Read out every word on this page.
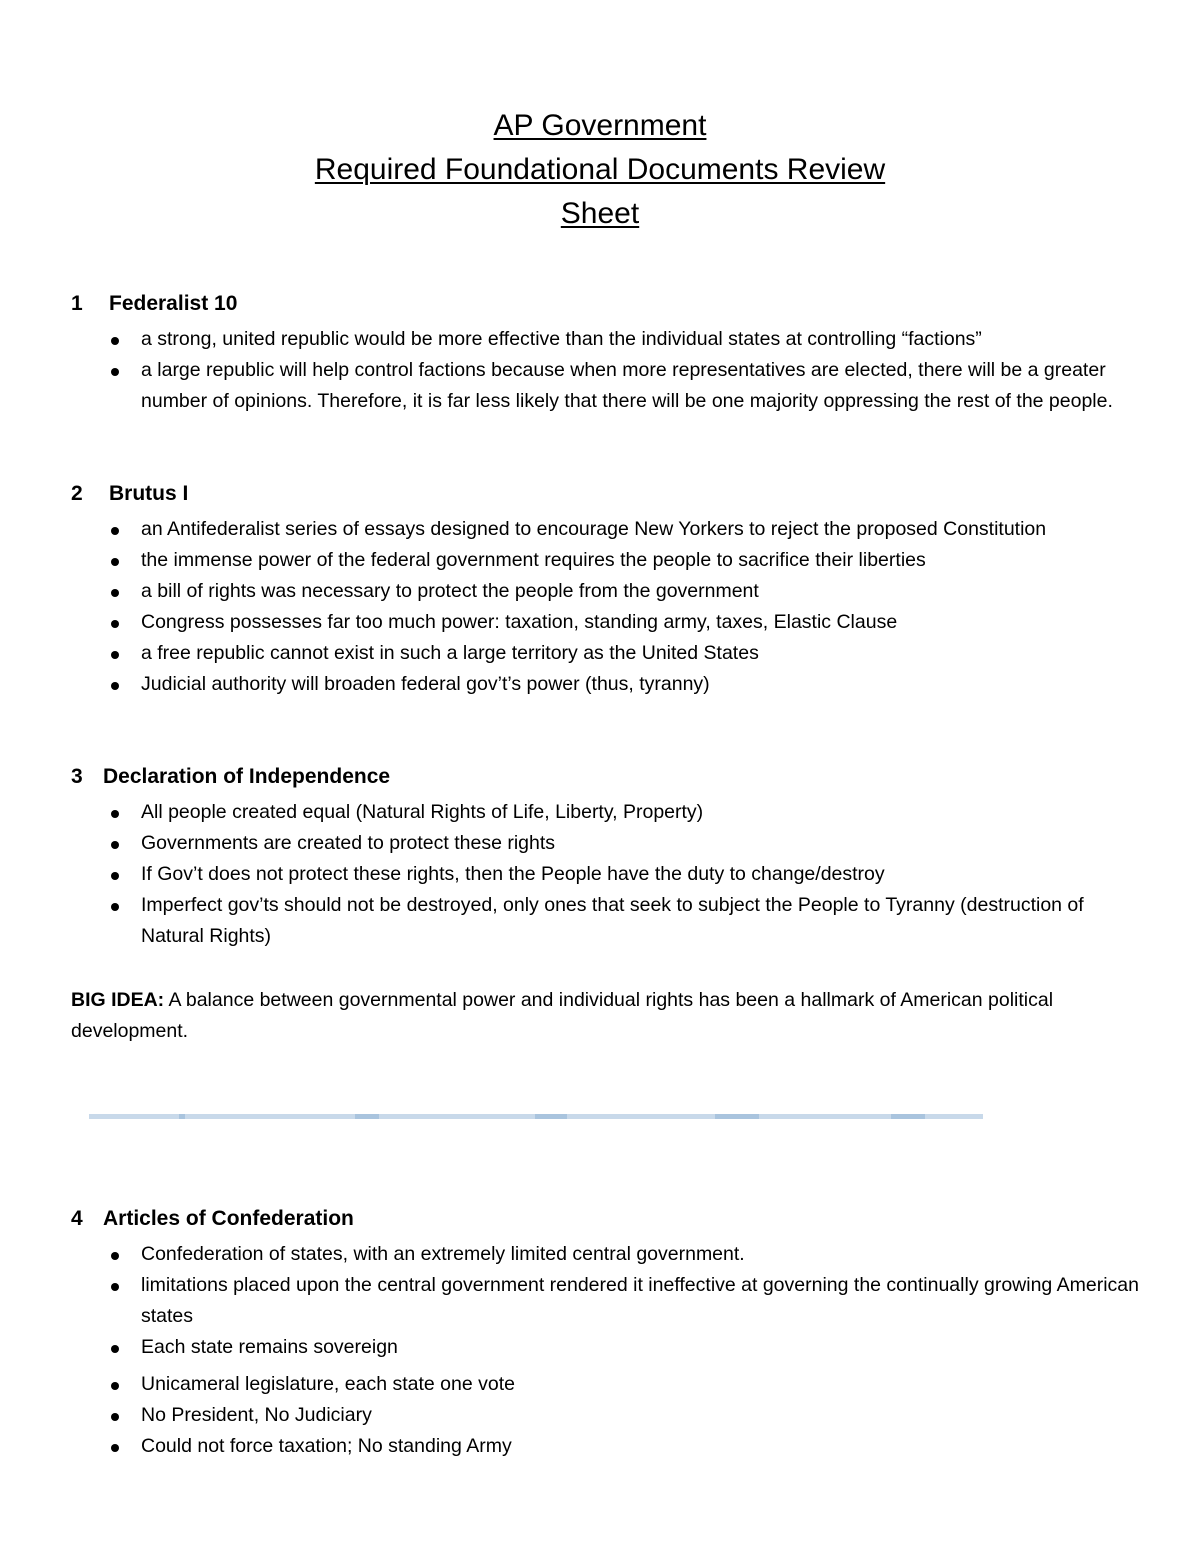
AP Government
Required Foundational Documents Review
Sheet
1	Federalist 10
a strong, united republic would be more effective than the individual states at controlling “factions”
a large republic will help control factions because when more representatives are elected, there will be a greater number of opinions. Therefore, it is far less likely that there will be one majority oppressing the rest of the people.
2	Brutus I
an Antifederalist series of essays designed to encourage New Yorkers to reject the proposed Constitution
the immense power of the federal government requires the people to sacrifice their liberties
a bill of rights was necessary to protect the people from the government
Congress possesses far too much power: taxation, standing army, taxes, Elastic Clause
a free republic cannot exist in such a large territory as the United States
Judicial authority will broaden federal gov’t’s power (thus, tyranny)
3 Declaration of Independence
All people created equal (Natural Rights of Life, Liberty, Property)
Governments are created to protect these rights
If Gov’t does not protect these rights, then the People have the duty to change/destroy
Imperfect gov’ts should not be destroyed, only ones that seek to subject the People to Tyranny (destruction of Natural Rights)
BIG IDEA: A balance between governmental power and individual rights has been a hallmark of American political development.
4 Articles of Confederation
Confederation of states, with an extremely limited central government.
limitations placed upon the central government rendered it ineffective at governing the continually growing American states
Each state remains sovereign
Unicameral legislature, each state one vote
No President, No Judiciary
Could not force taxation; No standing Army
